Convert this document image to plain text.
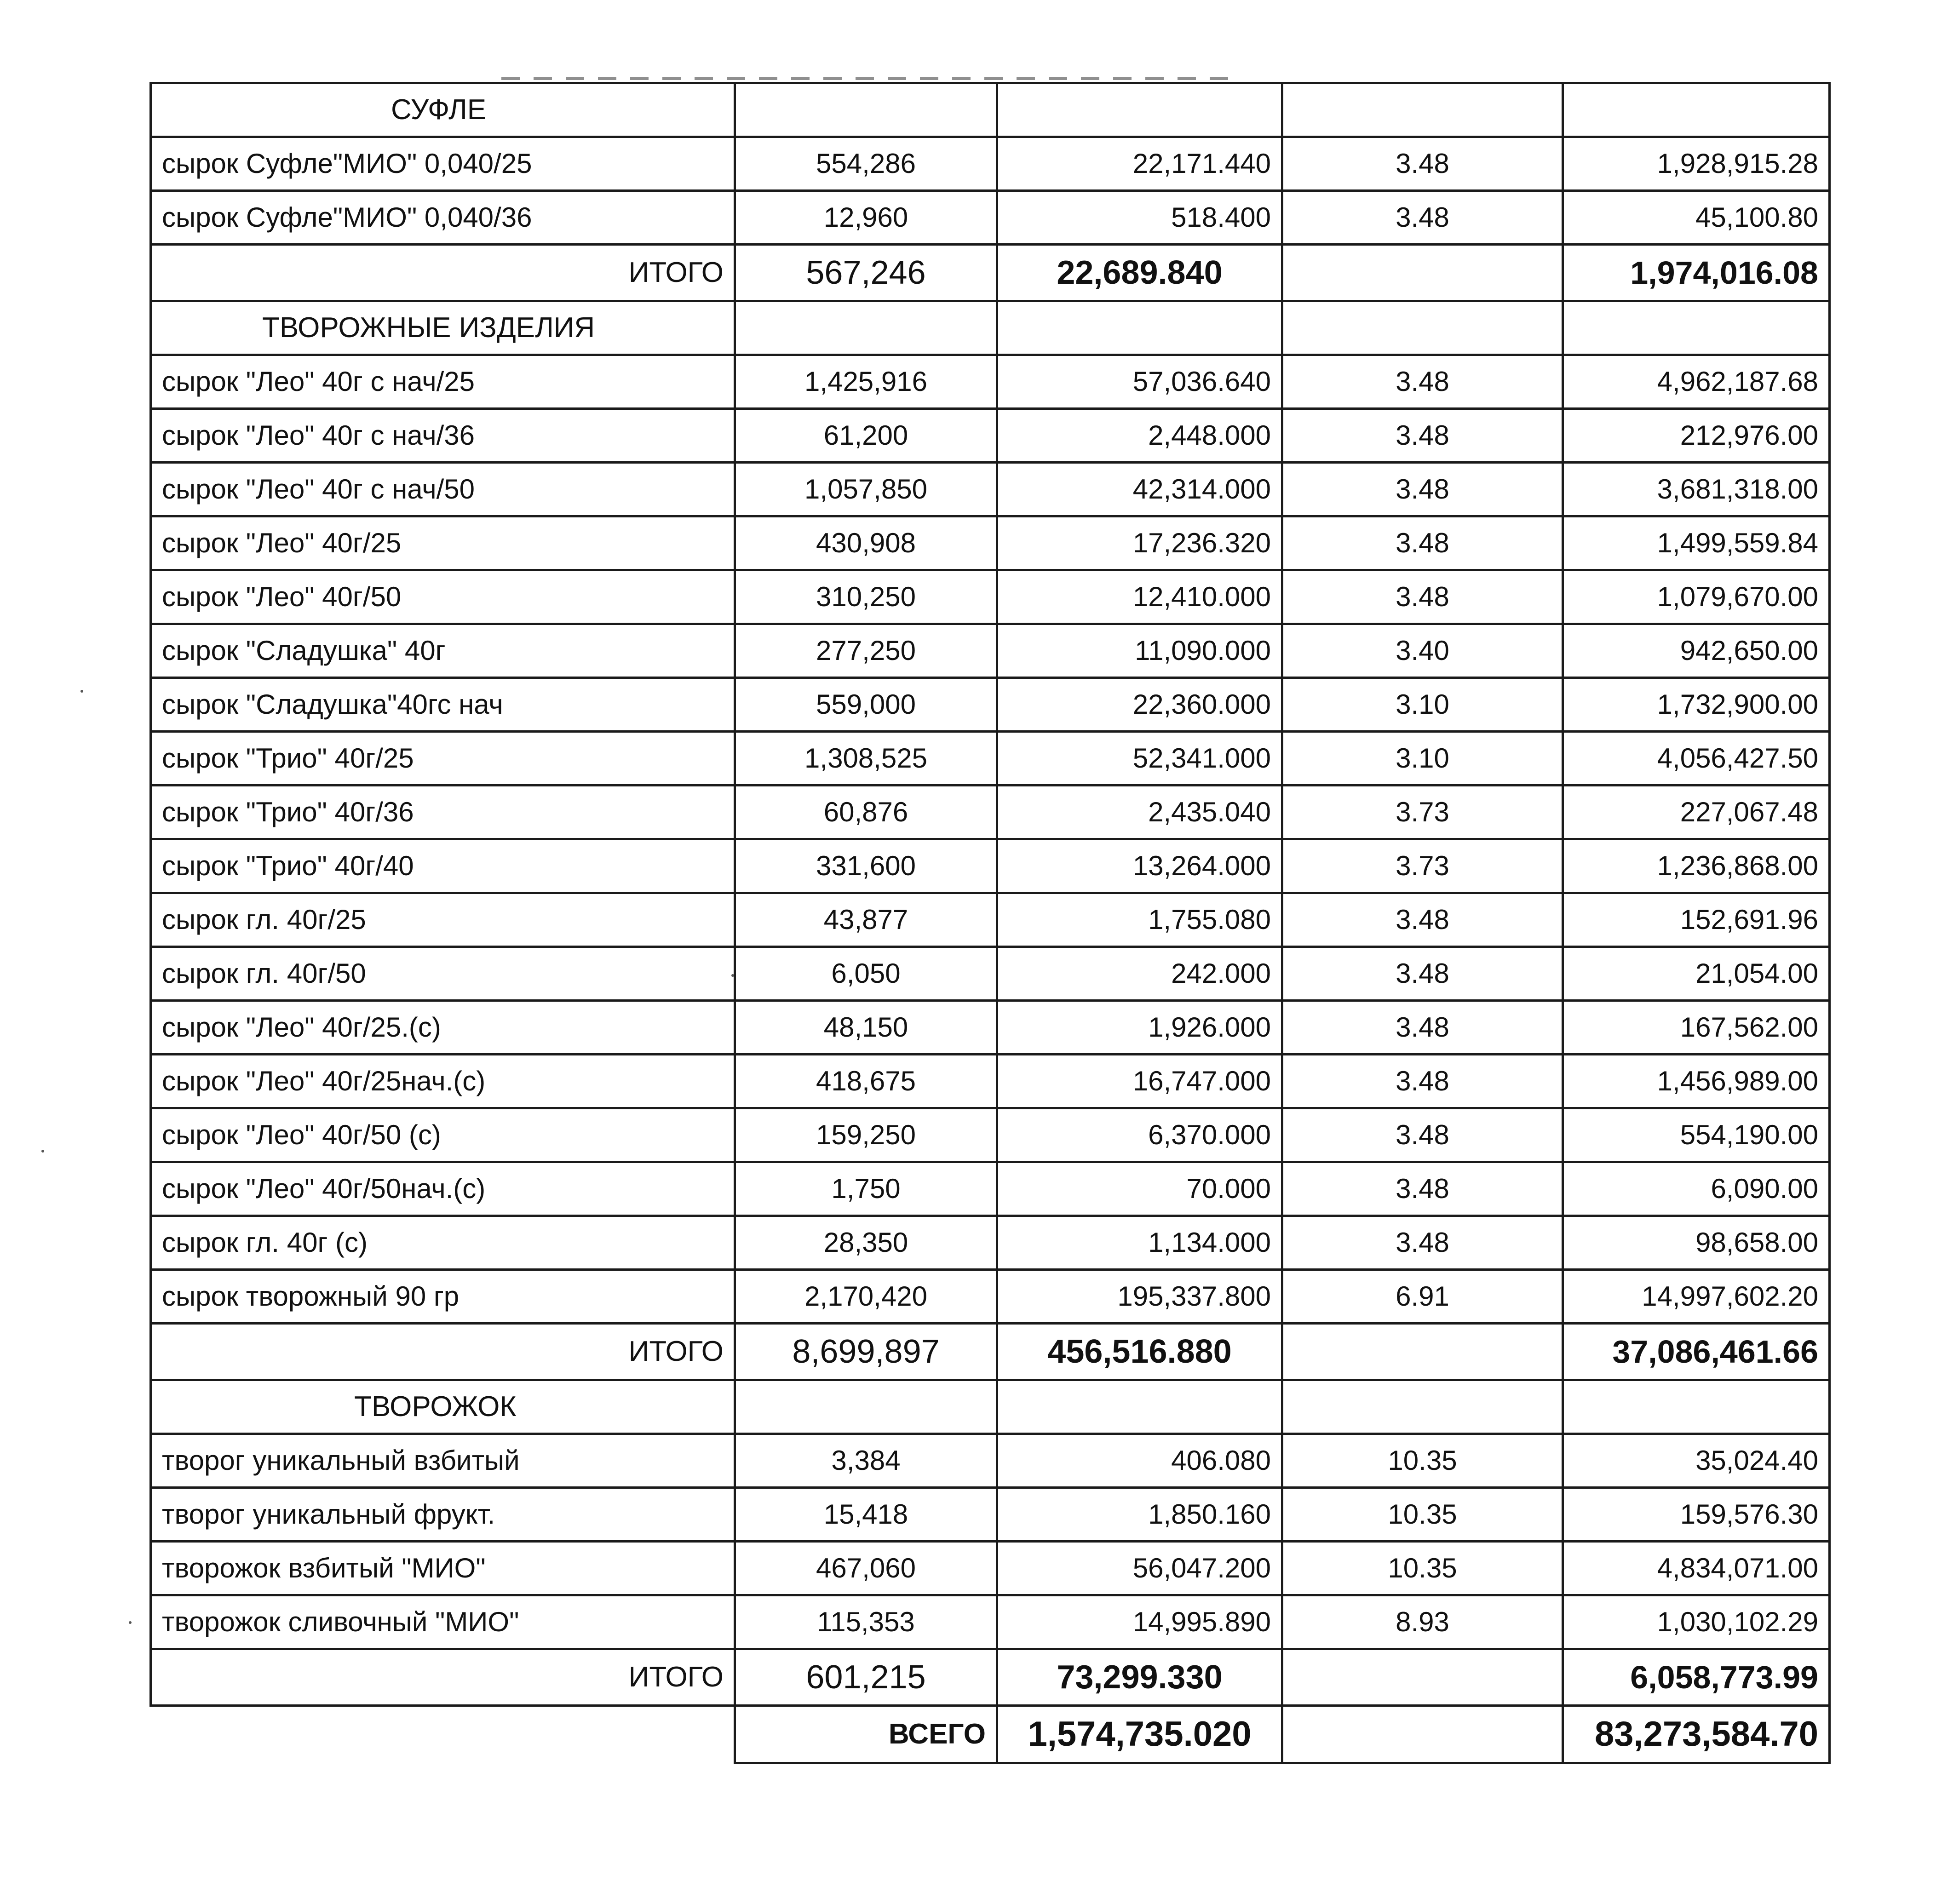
СУФЛЕ				
сырок Суфле"МИО" 0,040/25	554,286	22,171.440	3.48	1,928,915.28
сырок Суфле"МИО" 0,040/36	12,960	518.400	3.48	45,100.80
ИТОГО	567,246	22,689.840		1,974,016.08
ТВОРОЖНЫЕ ИЗДЕЛИЯ				
сырок "Лео" 40г с нач/25	1,425,916	57,036.640	3.48	4,962,187.68
сырок "Лео" 40г с нач/36	61,200	2,448.000	3.48	212,976.00
сырок "Лео" 40г с нач/50	1,057,850	42,314.000	3.48	3,681,318.00
сырок "Лео" 40г/25	430,908	17,236.320	3.48	1,499,559.84
сырок "Лео" 40г/50	310,250	12,410.000	3.48	1,079,670.00
сырок "Сладушка" 40г	277,250	11,090.000	3.40	942,650.00
сырок "Сладушка"40гс нач	559,000	22,360.000	3.10	1,732,900.00
сырок "Трио" 40г/25	1,308,525	52,341.000	3.10	4,056,427.50
сырок "Трио" 40г/36	60,876	2,435.040	3.73	227,067.48
сырок "Трио" 40г/40	331,600	13,264.000	3.73	1,236,868.00
сырок гл. 40г/25	43,877	1,755.080	3.48	152,691.96
сырок гл. 40г/50	6,050	242.000	3.48	21,054.00
сырок "Лео" 40г/25.(с)	48,150	1,926.000	3.48	167,562.00
сырок "Лео" 40г/25нач.(с)	418,675	16,747.000	3.48	1,456,989.00
сырок "Лео" 40г/50 (с)	159,250	6,370.000	3.48	554,190.00
сырок "Лео" 40г/50нач.(с)	1,750	70.000	3.48	6,090.00
сырок гл. 40г (с)	28,350	1,134.000	3.48	98,658.00
сырок творожный 90 гр	2,170,420	195,337.800	6.91	14,997,602.20
ИТОГО	8,699,897	456,516.880		37,086,461.66
ТВОРОЖОК				
творог уникальный взбитый	3,384	406.080	10.35	35,024.40
творог уникальный фрукт.	15,418	1,850.160	10.35	159,576.30
творожок взбитый "МИО"	467,060	56,047.200	10.35	4,834,071.00
творожок сливочный "МИО"	115,353	14,995.890	8.93	1,030,102.29
ИТОГО	601,215	73,299.330		6,058,773.99
	ВСЕГО	1,574,735.020		83,273,584.70
